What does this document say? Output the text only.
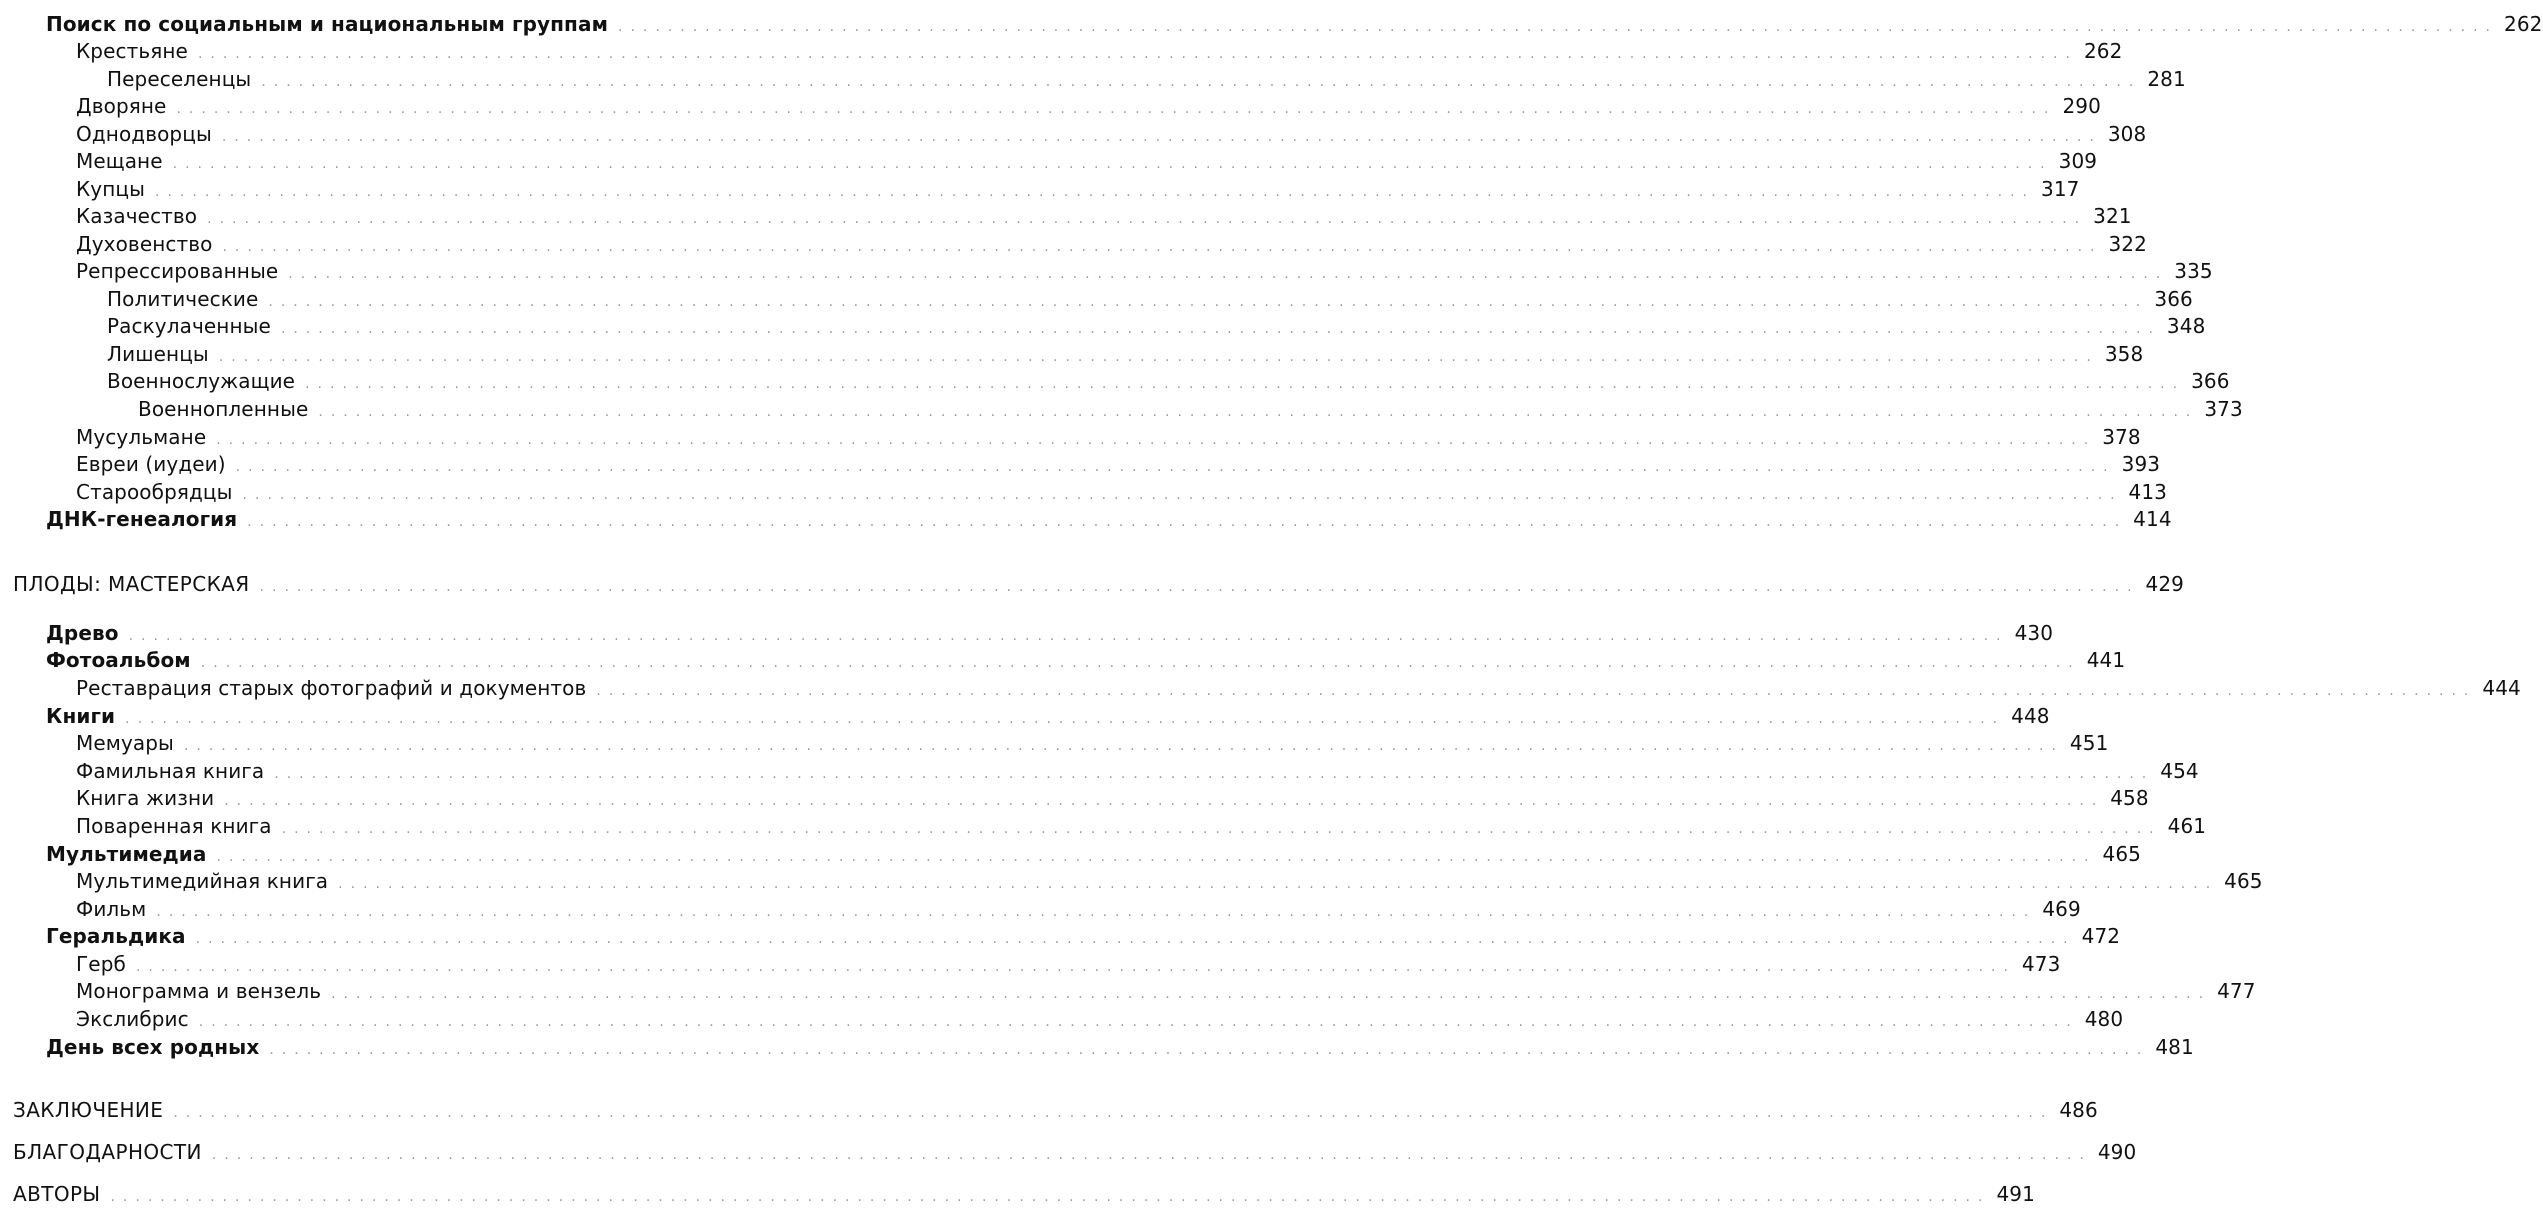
Поиск по социальным и национальным группам ....................................................................................................................................................... 262
Крестьяне ....................................................................................................................................................... 262
Переселенцы ....................................................................................................................................................... 281
Дворяне ....................................................................................................................................................... 290
Однодворцы ....................................................................................................................................................... 308
Мещане ....................................................................................................................................................... 309
Купцы ....................................................................................................................................................... 317
Казачество ....................................................................................................................................................... 321
Духовенство ....................................................................................................................................................... 322
Репрессированные ....................................................................................................................................................... 335
Политические ....................................................................................................................................................... 366
Раскулаченные ....................................................................................................................................................... 348
Лишенцы ....................................................................................................................................................... 358
Военнослужащие ....................................................................................................................................................... 366
Военнопленные ....................................................................................................................................................... 373
Мусульмане ....................................................................................................................................................... 378
Евреи (иудеи) ....................................................................................................................................................... 393
Старообрядцы ....................................................................................................................................................... 413
ДНК-генеалогия ....................................................................................................................................................... 414
ПЛОДЫ: МАСТЕРСКАЯ ....................................................................................................................................................... 429
Древо ....................................................................................................................................................... 430
Фотоальбом ....................................................................................................................................................... 441
Реставрация старых фотографий и документов ....................................................................................................................................................... 444
Книги ....................................................................................................................................................... 448
Мемуары ....................................................................................................................................................... 451
Фамильная книга ....................................................................................................................................................... 454
Книга жизни ....................................................................................................................................................... 458
Поваренная книга ....................................................................................................................................................... 461
Мультимедиа ....................................................................................................................................................... 465
Мультимедийная книга ....................................................................................................................................................... 465
Фильм ....................................................................................................................................................... 469
Геральдика ....................................................................................................................................................... 472
Герб ....................................................................................................................................................... 473
Монограмма и вензель ....................................................................................................................................................... 477
Экслибрис ....................................................................................................................................................... 480
День всех родных ....................................................................................................................................................... 481
ЗАКЛЮЧЕНИЕ ....................................................................................................................................................... 486
БЛАГОДАРНОСТИ ....................................................................................................................................................... 490
АВТОРЫ ....................................................................................................................................................... 491
